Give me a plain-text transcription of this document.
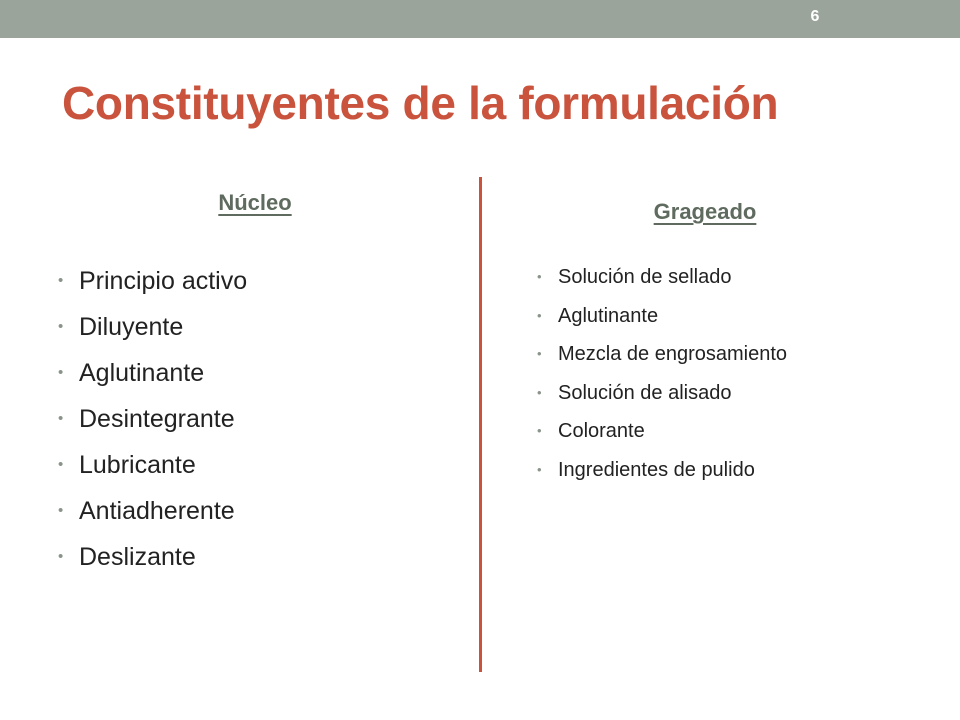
6
Constituyentes de la formulación
Núcleo
• Principio activo
• Diluyente
• Aglutinante
• Desintegrante
• Lubricante
• Antiadherente
• Deslizante
Grageado
• Solución de sellado
• Aglutinante
• Mezcla de engrosamiento
• Solución de alisado
• Colorante
• Ingredientes de pulido
